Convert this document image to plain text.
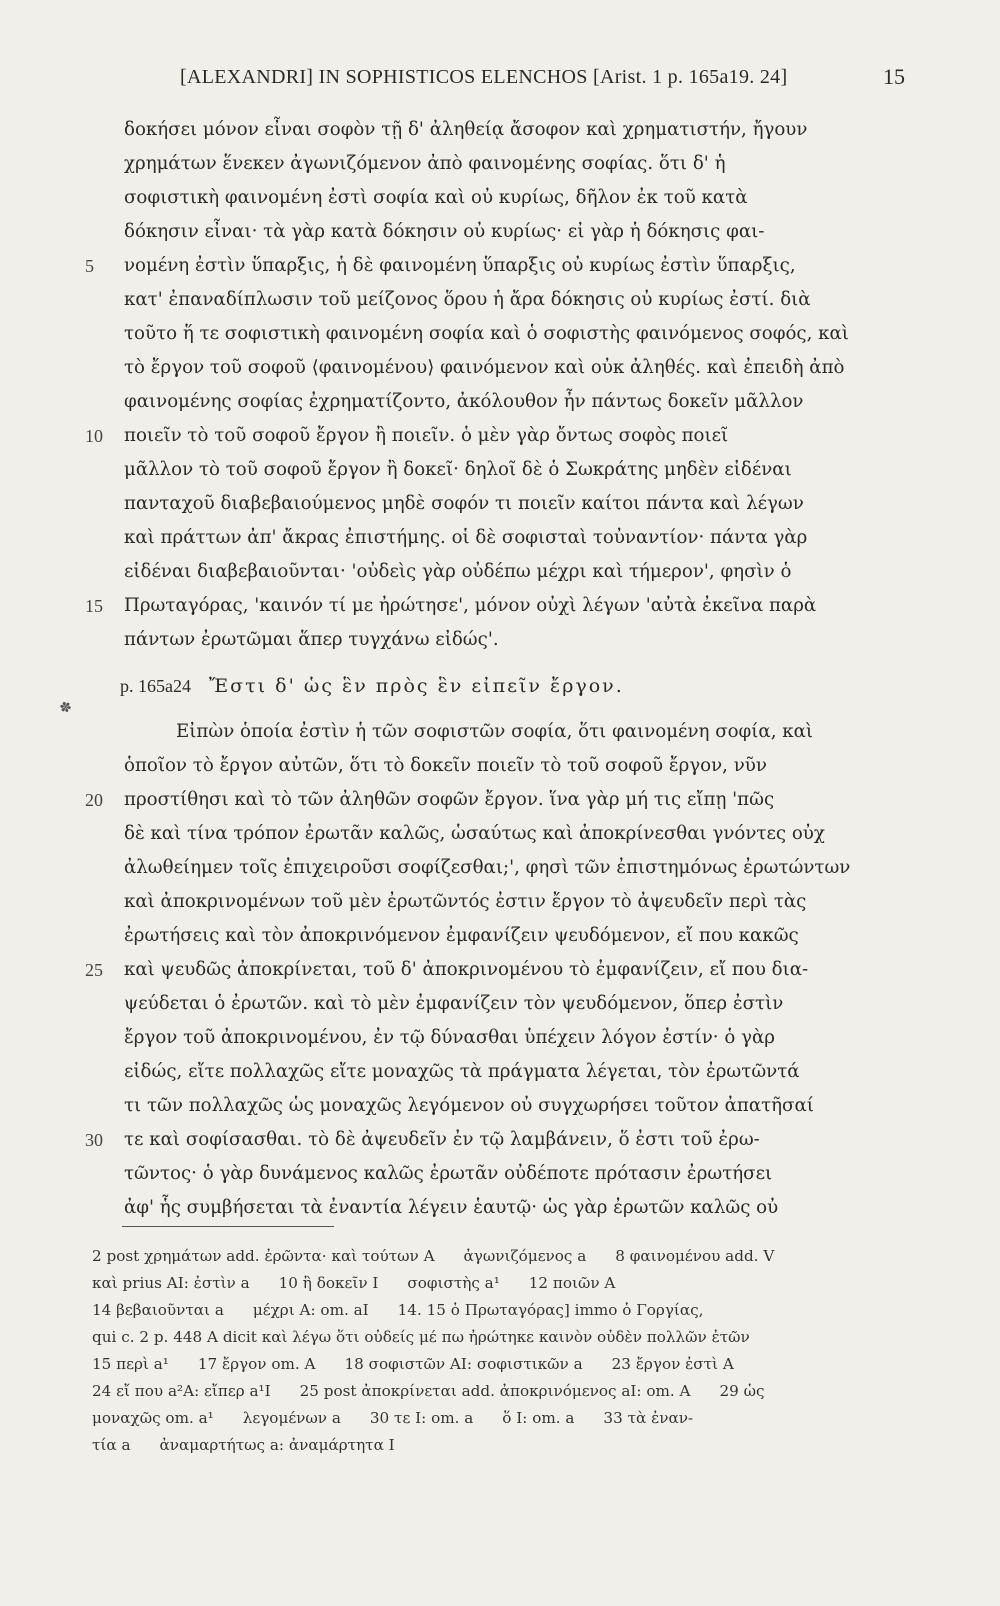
[ALEXANDRI] IN SOPHISTICOS ELENCHOS [Arist. 1 p. 165a19. 24]	15
δοκήσει μόνον εἶναι σοφὸν τῇ δ' ἀληθείᾳ ἄσοφον καὶ χρηματιστήν, ἤγουν
χρημάτων ἕνεκεν ἀγωνιζόμενον ἀπὸ φαινομένης σοφίας. ὅτι δ' ἡ
σοφιστικὴ φαινομένη ἐστὶ σοφία καὶ οὐ κυρίως, δῆλον ἐκ τοῦ κατὰ
δόκησιν εἶναι· τὰ γὰρ κατὰ δόκησιν οὐ κυρίως· εἰ γὰρ ἡ δόκησις φαι-
5	νομένη ἐστὶν ὕπαρξις, ἡ δὲ φαινομένη ὕπαρξις οὐ κυρίως ἐστὶν ὕπαρξις,
κατ' ἐπαναδίπλωσιν τοῦ μείζονος ὅρου ἡ ἄρα δόκησις οὐ κυρίως ἐστί. διὰ
τοῦτο ἥ τε σοφιστικὴ φαινομένη σοφία καὶ ὁ σοφιστὴς φαινόμενος σοφός, καὶ
τὸ ἔργον τοῦ σοφοῦ ⟨φαινομένου⟩ φαινόμενον καὶ οὐκ ἀληθές. καὶ ἐπειδὴ ἀπὸ
φαινομένης σοφίας ἐχρηματίζοντο, ἀκόλουθον ἦν πάντως δοκεῖν μᾶλλον
10	ποιεῖν τὸ τοῦ σοφοῦ ἔργον ἢ ποιεῖν. ὁ μὲν γὰρ ὄντως σοφὸς ποιεῖ
μᾶλλον τὸ τοῦ σοφοῦ ἔργον ἢ δοκεῖ· δηλοῖ δὲ ὁ Σωκράτης μηδὲν εἰδέναι
πανταχοῦ διαβεβαιούμενος μηδὲ σοφόν τι ποιεῖν καίτοι πάντα καὶ λέγων
καὶ πράττων ἀπ' ἄκρας ἐπιστήμης. οἱ δὲ σοφισταὶ τοὐναντίον· πάντα γὰρ
εἰδέναι διαβεβαιοῦνται· 'οὐδεὶς γὰρ οὐδέπω μέχρι καὶ τήμερον', φησὶν ὁ
15	Πρωταγόρας, 'καινόν τί με ἠρώτησε', μόνον οὐχὶ λέγων 'αὐτὰ ἐκεῖνα παρὰ
πάντων ἐρωτῶμαι ἅπερ τυγχάνω εἰδώς'.
p. 165a24 Ἔστι δ' ὡς ἓν πρὸς ἓν εἰπεῖν ἔργον.
✽
Εἰπὼν ὁποία ἐστὶν ἡ τῶν σοφιστῶν σοφία, ὅτι φαινομένη σοφία, καὶ
ὁποῖον τὸ ἔργον αὐτῶν, ὅτι τὸ δοκεῖν ποιεῖν τὸ τοῦ σοφοῦ ἔργον, νῦν
20	προστίθησι καὶ τὸ τῶν ἀληθῶν σοφῶν ἔργον. ἵνα γὰρ μή τις εἴπῃ 'πῶς
δὲ καὶ τίνα τρόπον ἐρωτᾶν καλῶς, ὡσαύτως καὶ ἀποκρίνεσθαι γνόντες οὐχ
ἀλωθείημεν τοῖς ἐπιχειροῦσι σοφίζεσθαι;', φησὶ τῶν ἐπιστημόνως ἐρωτώντων
καὶ ἀποκρινομένων τοῦ μὲν ἐρωτῶντός ἐστιν ἔργον τὸ ἀψευδεῖν περὶ τὰς
ἐρωτήσεις καὶ τὸν ἀποκρινόμενον ἐμφανίζειν ψευδόμενον, εἴ που κακῶς
25	καὶ ψευδῶς ἀποκρίνεται, τοῦ δ' ἀποκρινομένου τὸ ἐμφανίζειν, εἴ που δια-
ψεύδεται ὁ ἐρωτῶν. καὶ τὸ μὲν ἐμφανίζειν τὸν ψευδόμενον, ὅπερ ἐστὶν
ἔργον τοῦ ἀποκρινομένου, ἐν τῷ δύνασθαι ὑπέχειν λόγον ἐστίν· ὁ γὰρ
εἰδώς, εἴτε πολλαχῶς εἴτε μοναχῶς τὰ πράγματα λέγεται, τὸν ἐρωτῶντά
τι τῶν πολλαχῶς ὡς μοναχῶς λεγόμενον οὐ συγχωρήσει τοῦτον ἀπατῆσαί
30	τε καὶ σοφίσασθαι. τὸ δὲ ἀψευδεῖν ἐν τῷ λαμβάνειν, ὅ ἐστι τοῦ ἐρω-
τῶντος· ὁ γὰρ δυνάμενος καλῶς ἐρωτᾶν οὐδέποτε πρότασιν ἐρωτήσει
ἀφ' ἧς συμβήσεται τὰ ἐναντία λέγειν ἑαυτῷ· ὡς γὰρ ἐρωτῶν καλῶς οὐ
2 post χρημάτων add. ἐρῶντα· καὶ τούτων A      ἀγωνιζόμενος a      8 φαινομένου add. V
καὶ prius AI: ἐστὶν a      10 ἢ δοκεῖν I      σοφιστὴς a¹      12 ποιῶν A
14 βεβαιοῦνται a      μέχρι A: om. aI      14. 15 ὁ Πρωταγόρας] immo ὁ Γοργίας,
qui c. 2 p. 448 A dicit καὶ λέγω ὅτι οὐδείς μέ πω ἠρώτηκε καινὸν οὐδὲν πολλῶν ἐτῶν
15 περὶ a¹      17 ἔργον om. A      18 σοφιστῶν AI: σοφιστικῶν a      23 ἔργον ἐστὶ A
24 εἴ που a²A: εἴπερ a¹I      25 post ἀποκρίνεται add. ἀποκρινόμενος aI: om. A      29 ὡς
μοναχῶς om. a¹      λεγομένων a      30 τε I: om. a      ὅ I: om. a      33 τὰ ἐναν-
τία a      ἀναμαρτήτως a: ἀναμάρτητα I
